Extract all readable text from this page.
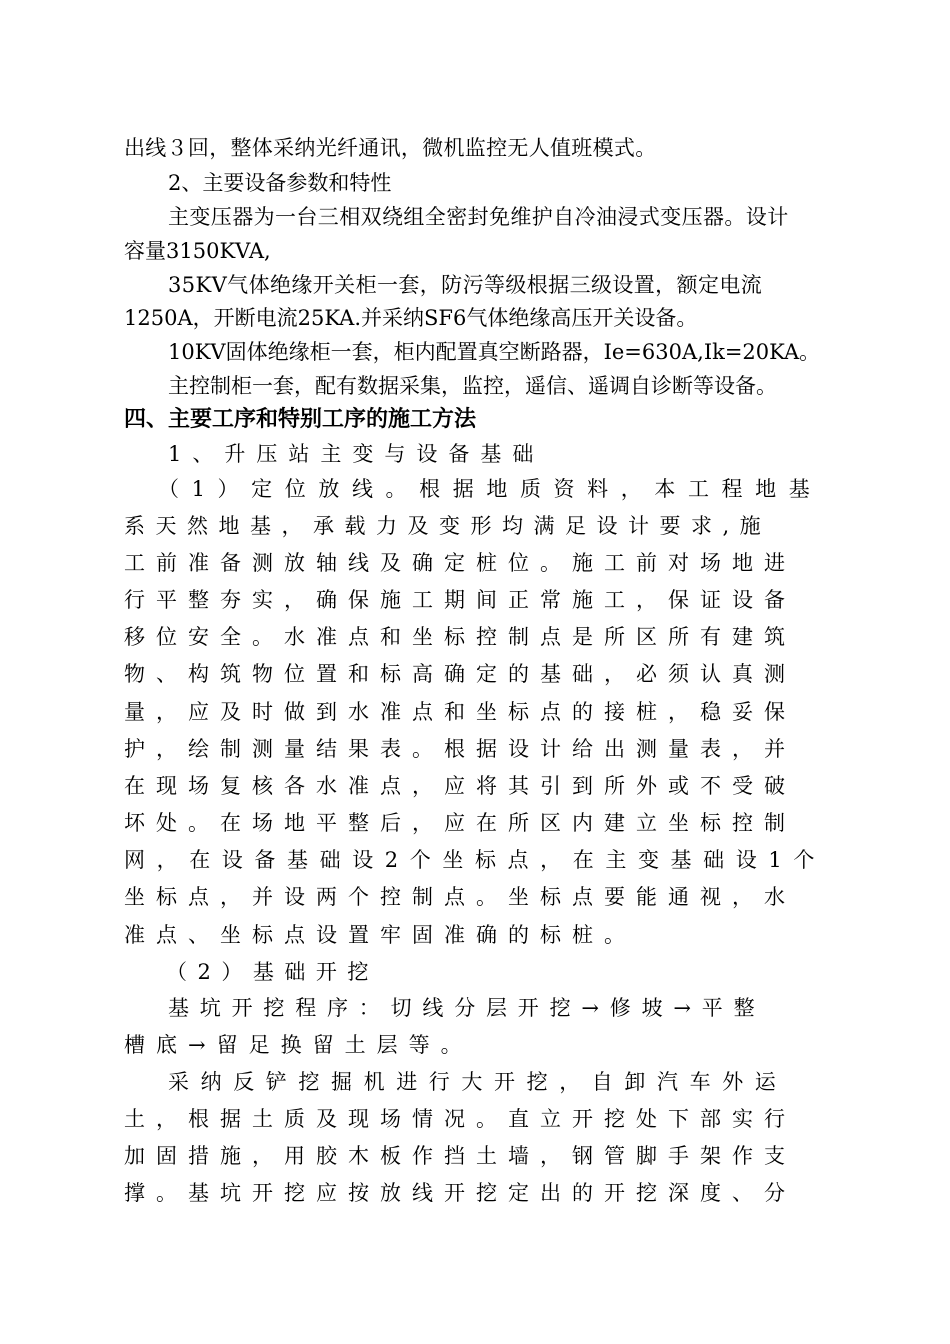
出线３回，整体采纳光纤通讯，微机监控无人值班模式。

2、主要设备参数和特性

主变压器为一台三相双绕组全密封免维护自冷油浸式变压器。设计

容量3150KVA,

35KV气体绝缘开关柜一套，防污等级根据三级设置，额定电流

1250A，开断电流25KA.并采纳SF6气体绝缘高压开关设备。

10KV固体绝缘柜一套，柜内配置真空断路器，Ie=630A,Ik=20KA。

主控制柜一套，配有数据采集，监控，遥信、遥调自诊断等设备。

四、主要工序和特别工序的施工方法

1、升压站主变与设备基础

（1）定位放线。根据地质资料，本工程地基

系天然地基，承载力及变形均满足设计要求,施

工前准备测放轴线及确定桩位。施工前对场地进

行平整夯实，确保施工期间正常施工，保证设备

移位安全。水准点和坐标控制点是所区所有建筑

物、构筑物位置和标高确定的基础，必须认真测

量，应及时做到水准点和坐标点的接桩，稳妥保

护，绘制测量结果表。根据设计给出测量表，并

在现场复核各水准点，应将其引到所外或不受破

坏处。在场地平整后，应在所区内建立坐标控制

网，在设备基础设2个坐标点，在主变基础设1个

坐标点，并设两个控制点。坐标点要能通视，水

准点、坐标点设置牢固准确的标桩。

（2）基础开挖

基坑开挖程序：切线分层开挖→修坡→平整

槽底→留足换留土层等。

采纳反铲挖掘机进行大开挖，自卸汽车外运

土，根据土质及现场情况。直立开挖处下部实行

加固措施，用胶木板作挡土墙，钢管脚手架作支

撑。基坑开挖应按放线开挖定出的开挖深度、分
